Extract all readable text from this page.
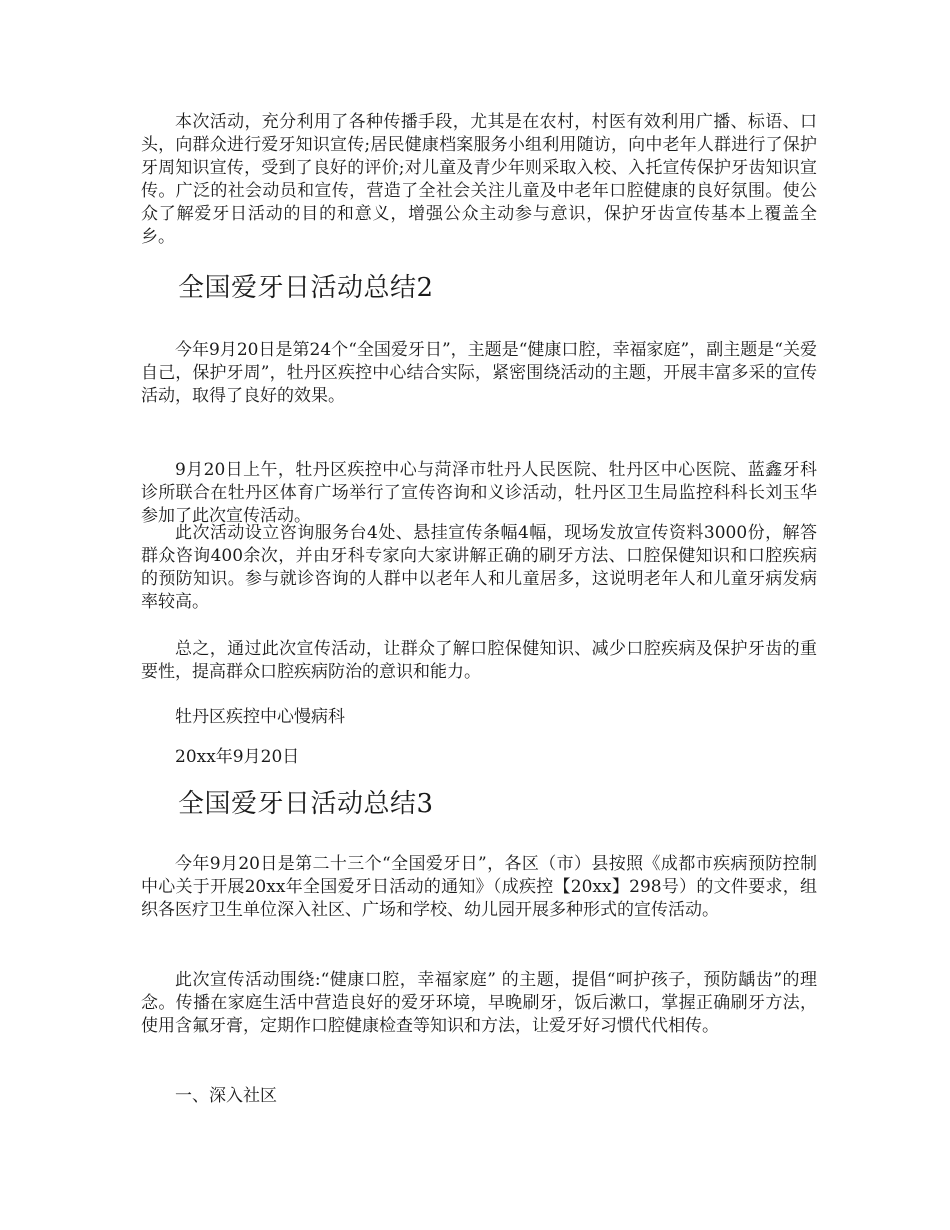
本次活动，充分利用了各种传播手段，尤其是在农村，村医有效利用广播、标语、口头，向群众进行爱牙知识宣传;居民健康档案服务小组利用随访，向中老年人群进行了保护牙周知识宣传，受到了良好的评价;对儿童及青少年则采取入校、入托宣传保护牙齿知识宣传。广泛的社会动员和宣传，营造了全社会关注儿童及中老年口腔健康的良好氛围。使公众了解爱牙日活动的目的和意义，增强公众主动参与意识，保护牙齿宣传基本上覆盖全乡。

全国爱牙日活动总结2

今年9月20日是第24个“全国爱牙日”，主题是“健康口腔，幸福家庭”，副主题是“关爱自己，保护牙周”，牡丹区疾控中心结合实际，紧密围绕活动的主题，开展丰富多采的宣传活动，取得了良好的效果。

9月20日上午，牡丹区疾控中心与菏泽市牡丹人民医院、牡丹区中心医院、蓝鑫牙科诊所联合在牡丹区体育广场举行了宣传咨询和义诊活动，牡丹区卫生局监控科科长刘玉华参加了此次宣传活动。

此次活动设立咨询服务台4处、悬挂宣传条幅4幅，现场发放宣传资料3000份，解答群众咨询400余次，并由牙科专家向大家讲解正确的刷牙方法、口腔保健知识和口腔疾病的预防知识。参与就诊咨询的人群中以老年人和儿童居多，这说明老年人和儿童牙病发病率较高。

总之，通过此次宣传活动，让群众了解口腔保健知识、减少口腔疾病及保护牙齿的重要性，提高群众口腔疾病防治的意识和能力。

牡丹区疾控中心慢病科

20xx年9月20日

全国爱牙日活动总结3

今年9月20日是第二十三个“全国爱牙日”，各区（市）县按照《成都市疾病预防控制中心关于开展20xx年全国爱牙日活动的通知》（成疾控【20xx】298号）的文件要求，组织各医疗卫生单位深入社区、广场和学校、幼儿园开展多种形式的宣传活动。

此次宣传活动围绕:“健康口腔，幸福家庭” 的主题，提倡“呵护孩子，预防龋齿”的理念。传播在家庭生活中营造良好的爱牙环境，早晚刷牙，饭后漱口，掌握正确刷牙方法，使用含氟牙膏，定期作口腔健康检查等知识和方法，让爱牙好习惯代代相传。

一、深入社区
